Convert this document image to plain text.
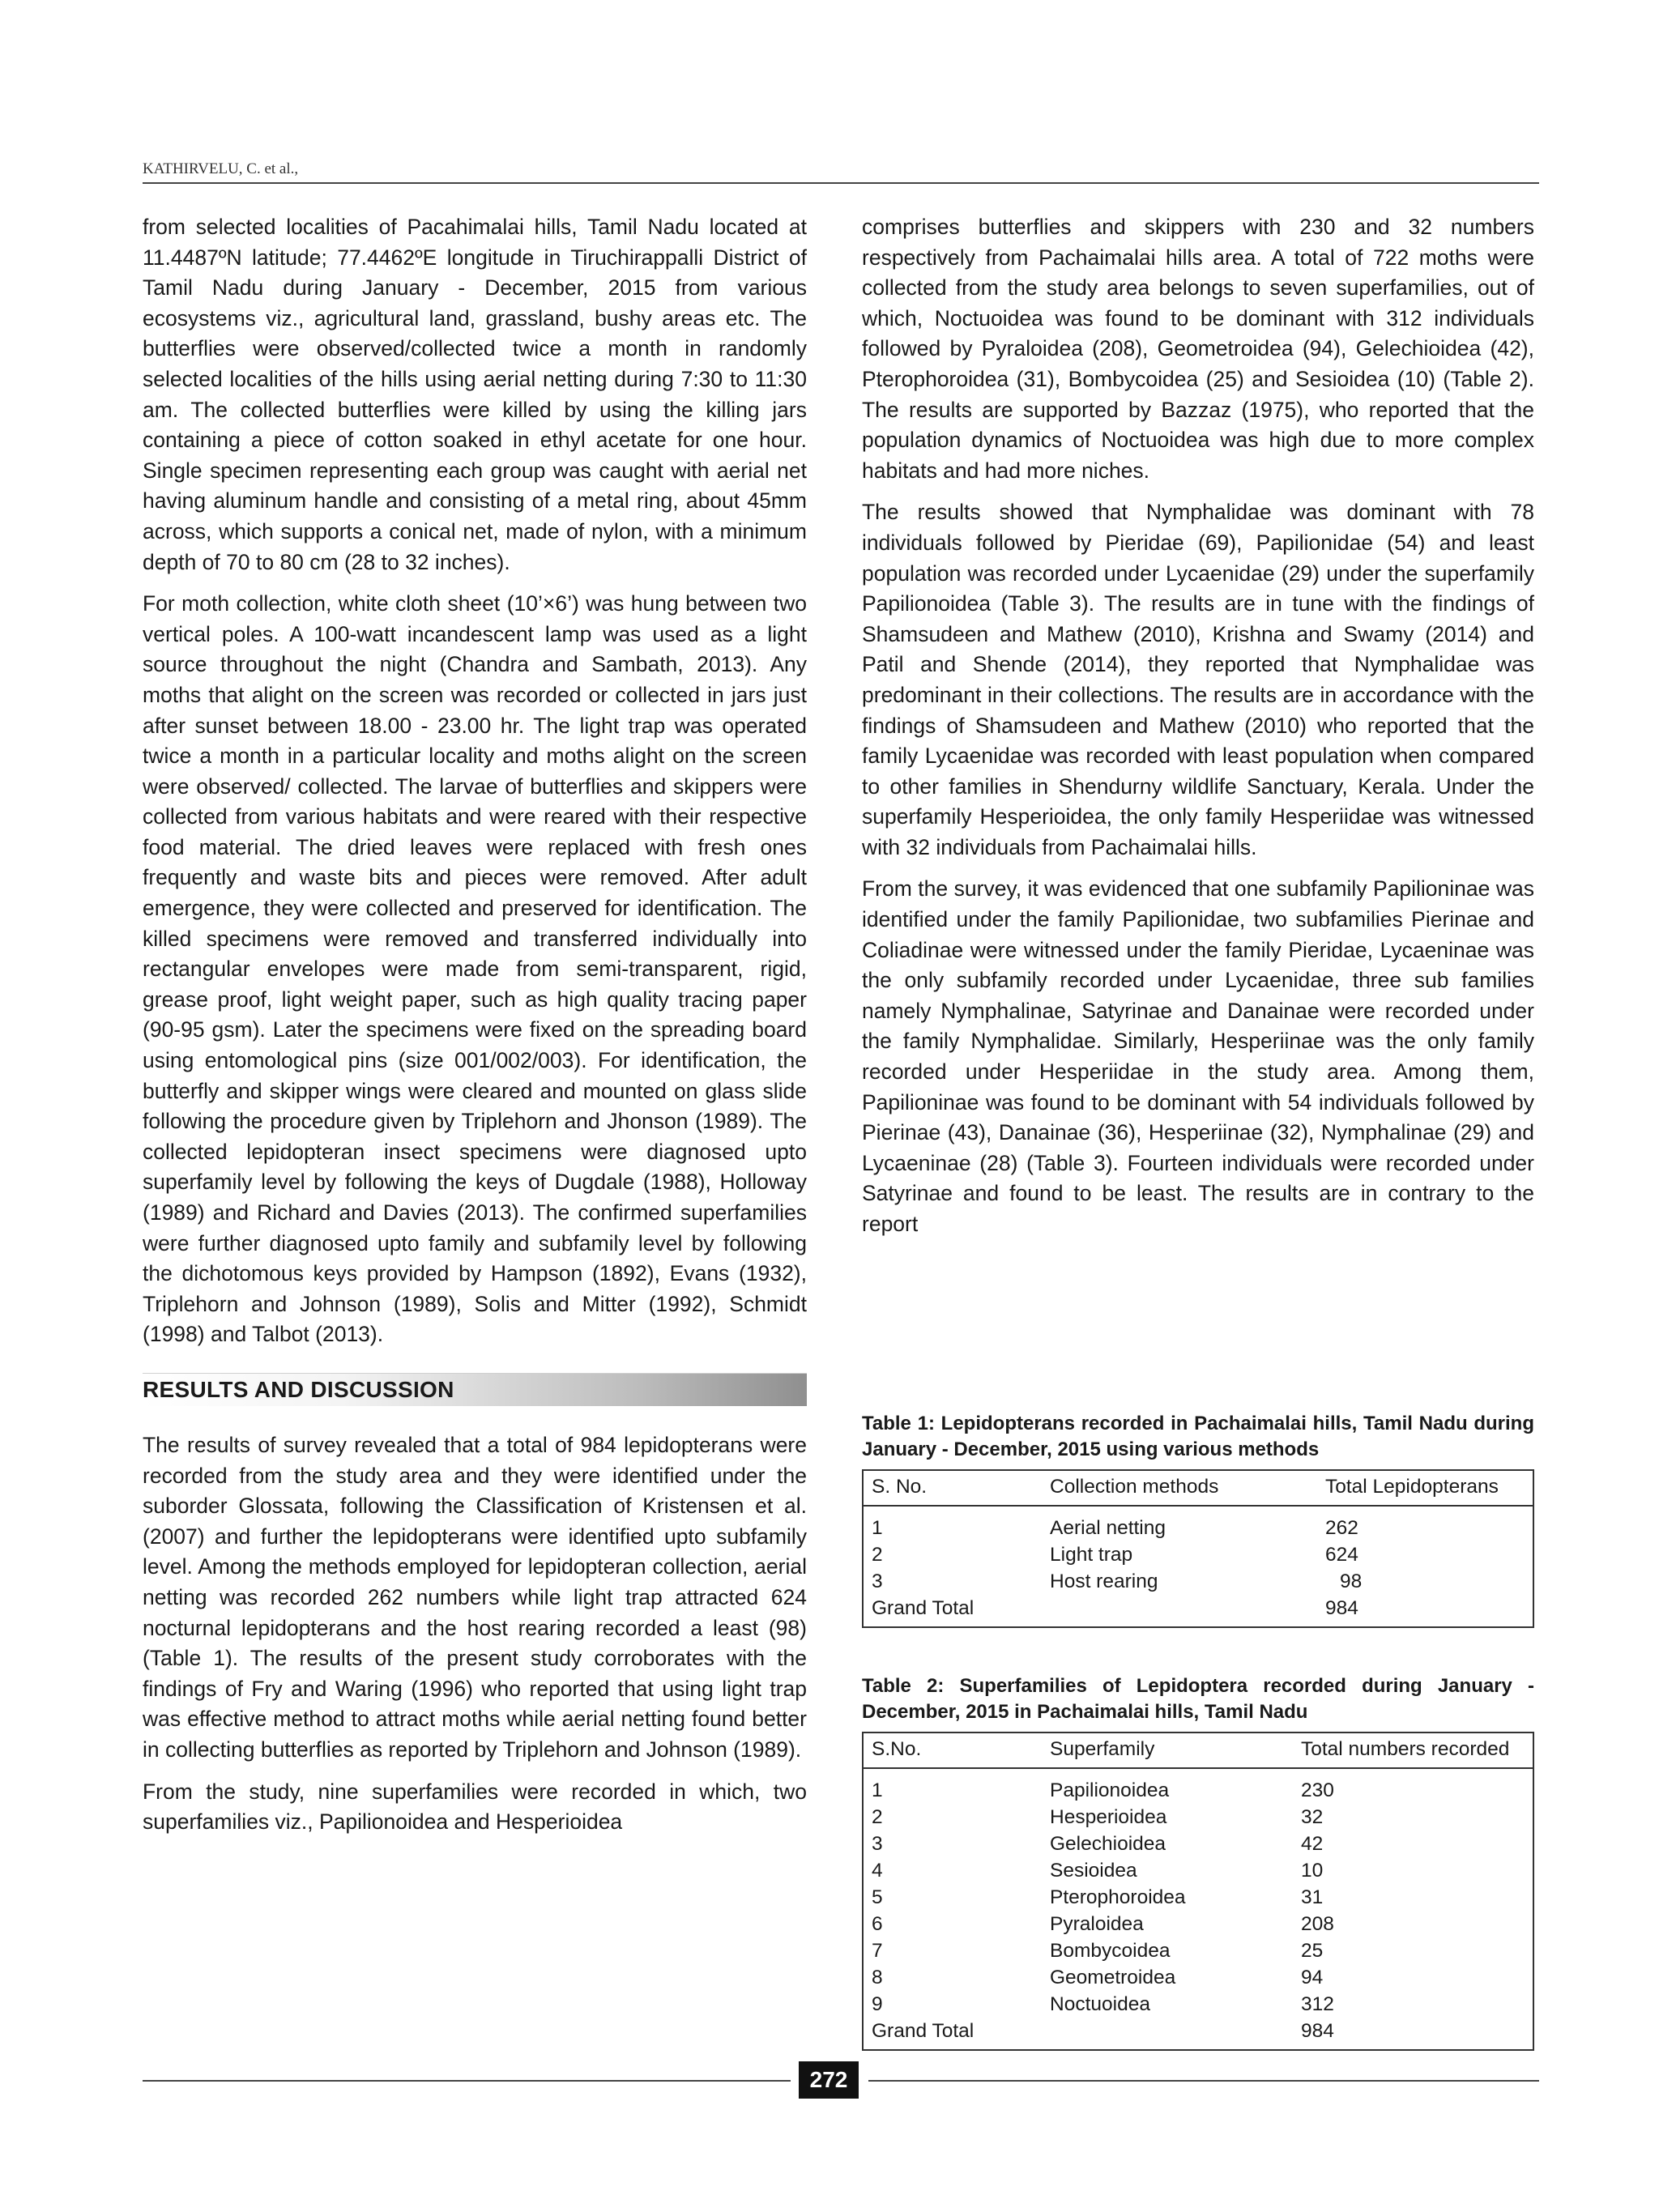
KATHIRVELU, C. et al.,

from selected localities of Pacahimalai hills, Tamil Nadu located at 11.4487ºN latitude; 77.4462ºE longitude in Tiruchirappalli District of Tamil Nadu during January - December, 2015 from various ecosystems viz., agricultural land, grassland, bushy areas etc. The butterflies were observed/collected twice a month in randomly selected localities of the hills using aerial netting during 7:30 to 11:30 am. The collected butterflies were killed by using the killing jars containing a piece of cotton soaked in ethyl acetate for one hour. Single specimen representing each group was caught with aerial net having aluminum handle and consisting of a metal ring, about 45mm across, which supports a conical net, made of nylon, with a minimum depth of 70 to 80 cm (28 to 32 inches).

For moth collection, white cloth sheet (10’×6’) was hung between two vertical poles. A 100-watt incandescent lamp was used as a light source throughout the night (Chandra and Sambath, 2013). Any moths that alight on the screen was recorded or collected in jars just after sunset between 18.00 - 23.00 hr. The light trap was operated twice a month in a particular locality and moths alight on the screen were observed/ collected. The larvae of butterflies and skippers were collected from various habitats and were reared with their respective food material. The dried leaves were replaced with fresh ones frequently and waste bits and pieces were removed. After adult emergence, they were collected and preserved for identification. The killed specimens were removed and transferred individually into rectangular envelopes were made from semi-transparent, rigid, grease proof, light weight paper, such as high quality tracing paper (90-95 gsm). Later the specimens were fixed on the spreading board using entomological pins (size 001/002/003). For identification, the butterfly and skipper wings were cleared and mounted on glass slide following the procedure given by Triplehorn and Jhonson (1989). The collected lepidopteran insect specimens were diagnosed upto superfamily level by following the keys of Dugdale (1988), Holloway (1989) and Richard and Davies (2013). The confirmed superfamilies were further diagnosed upto family and subfamily level by following the dichotomous keys provided by Hampson (1892), Evans (1932), Triplehorn and Johnson (1989), Solis and Mitter (1992), Schmidt (1998) and Talbot (2013).

RESULTS AND DISCUSSION

The results of survey revealed that a total of 984 lepidopterans were recorded from the study area and they were identified under the suborder Glossata, following the Classification of Kristensen et al. (2007) and further the lepidopterans were identified upto subfamily level. Among the methods employed for lepidopteran collection, aerial netting was recorded 262 numbers while light trap attracted 624 nocturnal lepidopterans and the host rearing recorded a least (98) (Table 1). The results of the present study corroborates with the findings of Fry and Waring (1996) who reported that using light trap was effective method to attract moths while aerial netting found better in collecting butterflies as reported by Triplehorn and Johnson (1989).

From the study, nine superfamilies were recorded in which, two superfamilies viz., Papilionoidea and Hesperioidea

comprises butterflies and skippers with 230 and 32 numbers respectively from Pachaimalai hills area. A total of 722 moths were collected from the study area belongs to seven superfamilies, out of which, Noctuoidea was found to be dominant with 312 individuals followed by Pyraloidea (208), Geometroidea (94), Gelechioidea (42), Pterophoroidea (31), Bombycoidea (25) and Sesioidea (10) (Table 2). The results are supported by Bazzaz (1975), who reported that the population dynamics of Noctuoidea was high due to more complex habitats and had more niches.

The results showed that Nymphalidae was dominant with 78 individuals followed by Pieridae (69), Papilionidae (54) and least population was recorded under Lycaenidae (29) under the superfamily Papilionoidea (Table 3). The results are in tune with the findings of Shamsudeen and Mathew (2010), Krishna and Swamy (2014) and Patil and Shende (2014), they reported that Nymphalidae was predominant in their collections. The results are in accordance with the findings of Shamsudeen and Mathew (2010) who reported that the family Lycaenidae was recorded with least population when compared to other families in Shendurny wildlife Sanctuary, Kerala. Under the superfamily Hesperioidea, the only family Hesperiidae was witnessed with 32 individuals from Pachaimalai hills.

From the survey, it was evidenced that one subfamily Papilioninae was identified under the family Papilionidae, two subfamilies Pierinae and Coliadinae were witnessed under the family Pieridae, Lycaeninae was the only subfamily recorded under Lycaenidae, three sub families namely Nymphalinae, Satyrinae and Danainae were recorded under the family Nymphalidae. Similarly, Hesperiinae was the only family recorded under Hesperiidae in the study area. Among them, Papilioninae was found to be dominant with 54 individuals followed by Pierinae (43), Danainae (36), Hesperiinae (32), Nymphalinae (29) and Lycaeninae (28) (Table 3). Fourteen individuals were recorded under Satyrinae and found to be least. The results are in contrary to the report

Table 1: Lepidopterans recorded in Pachaimalai hills, Tamil Nadu during January - December, 2015 using various methods
S. No.	Collection methods	Total Lepidopterans
1	Aerial netting	262
2	Light trap	624
3	Host rearing	98
Grand Total		984
Table 2: Superfamilies of Lepidoptera recorded during January - December, 2015 in Pachaimalai hills, Tamil Nadu
S.No.	Superfamily	Total numbers recorded
1	Papilionoidea	230
2	Hesperioidea	32
3	Gelechioidea	42
4	Sesioidea	10
5	Pterophoroidea	31
6	Pyraloidea	208
7	Bombycoidea	25
8	Geometroidea	94
9	Noctuoidea	312
Grand Total		984
272
